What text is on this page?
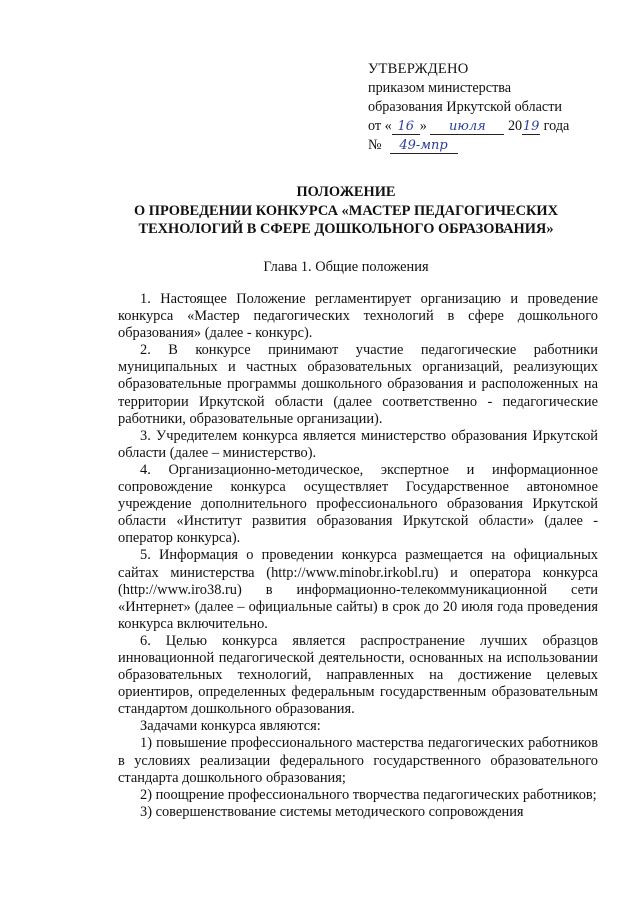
УТВЕРЖДЕНО
приказом министерства
образования Иркутской области
от « 16 » июля 2019 года
№ 49-мпр
ПОЛОЖЕНИЕ
О ПРОВЕДЕНИИ КОНКУРСА «МАСТЕР ПЕДАГОГИЧЕСКИХ
ТЕХНОЛОГИЙ В СФЕРЕ ДОШКОЛЬНОГО ОБРАЗОВАНИЯ»
Глава 1. Общие положения

1. Настоящее Положение регламентирует организацию и проведение конкурса «Мастер педагогических технологий в сфере дошкольного образования» (далее - конкурс).

2. В конкурсе принимают участие педагогические работники муниципальных и частных образовательных организаций, реализующих образовательные программы дошкольного образования и расположенных на территории Иркутской области (далее соответственно - педагогические работники, образовательные организации).

3. Учредителем конкурса является министерство образования Иркутской области (далее – министерство).

4. Организационно-методическое, экспертное и информационное сопровождение конкурса осуществляет Государственное автономное учреждение дополнительного профессионального образования Иркутской области «Институт развития образования Иркутской области» (далее - оператор конкурса).

5. Информация о проведении конкурса размещается на официальных сайтах министерства (http://www.minobr.irkobl.ru) и оператора конкурса (http://www.iro38.ru) в информационно-телекоммуникационной сети «Интернет» (далее – официальные сайты) в срок до 20 июля года проведения конкурса включительно.

6. Целью конкурса является распространение лучших образцов инновационной педагогической деятельности, основанных на использовании образовательных технологий, направленных на достижение целевых ориентиров, определенных федеральным государственным образовательным стандартом дошкольного образования.

Задачами конкурса являются:

1) повышение профессионального мастерства педагогических работников в условиях реализации федерального государственного образовательного стандарта дошкольного образования;

2) поощрение профессионального творчества педагогических работников;

3) совершенствование системы методического сопровождения
